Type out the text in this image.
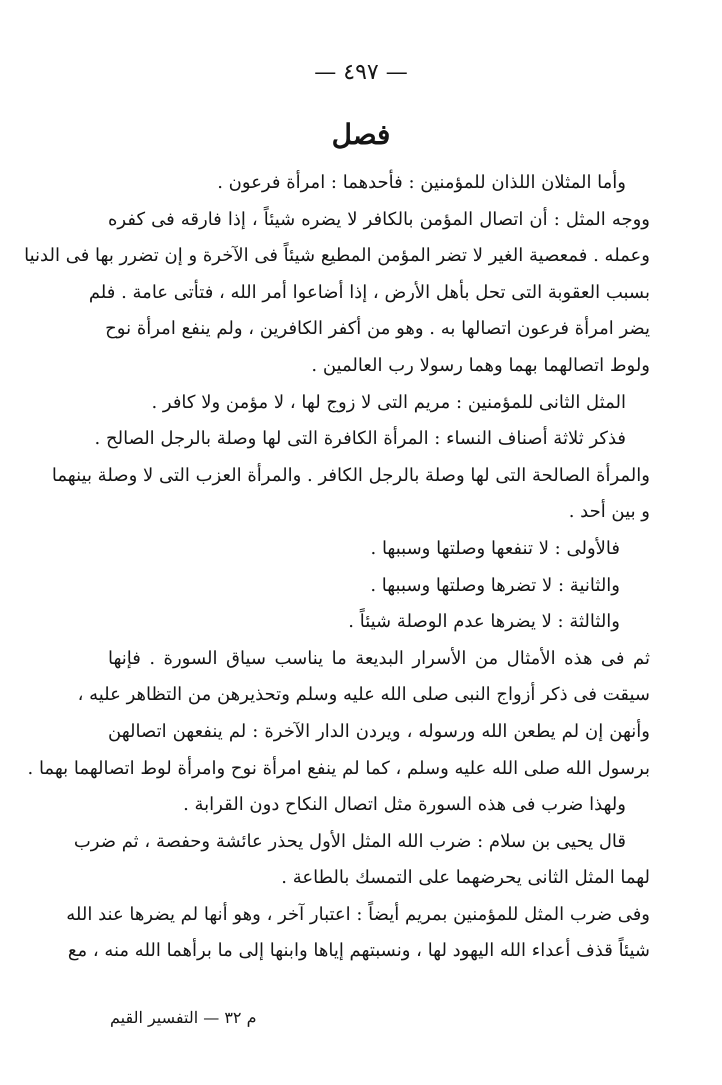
— ٤٩٧ —
فصل
وأما المثلان اللذان للمؤمنين : فأحدهما : امرأة فرعون .
ووجه المثل : أن اتصال المؤمن بالكافر لا يضره شيئاً ، إذا فارقه فى كفره
وعمله . فمعصية الغير لا تضر المؤمن المطيع شيئاً فى الآخرة و إن تضرر بها فى الدنيا
بسبب العقوبة التى تحل بأهل الأرض ، إذا أضاعوا أمر الله ، فتأتى عامة . فلم
يضر امرأة فرعون اتصالها به . وهو من أكفر الكافرين ، ولم ينفع امرأة نوح
ولوط اتصالهما بهما وهما رسولا رب العالمين .
المثل الثانى للمؤمنين : مريم التى لا زوج لها ، لا مؤمن ولا كافر .
فذكر ثلاثة أصناف النساء : المرأة الكافرة التى لها وصلة بالرجل الصالح .
والمرأة الصالحة التى لها وصلة بالرجل الكافر . والمرأة العزب التى لا وصلة بينهما
و بين أحد .
فالأولى : لا تنفعها وصلتها وسببها .
والثانية : لا تضرها وصلتها وسببها .
والثالثة : لا يضرها عدم الوصلة شيئاً .
ثم فى هذه الأمثال من الأسرار البديعة ما يناسب سياق السورة . فإنها
سيقت فى ذكر أزواج النبى صلى الله عليه وسلم وتحذيرهن من التظاهر عليه ،
وأنهن إن لم يطعن الله ورسوله ، ويردن الدار الآخرة : لم ينفعهن اتصالهن
برسول الله صلى الله عليه وسلم ، كما لم ينفع امرأة نوح وامرأة لوط اتصالهما بهما .
ولهذا ضرب فى هذه السورة مثل اتصال النكاح دون القرابة .
قال يحيى بن سلام : ضرب الله المثل الأول يحذر عائشة وحفصة ، ثم ضرب
لهما المثل الثانى يحرضهما على التمسك بالطاعة .
وفى ضرب المثل للمؤمنين بمريم أيضاً : اعتبار آخر ، وهو أنها لم يضرها عند الله
شيئاً قذف أعداء الله اليهود لها ، ونسبتهم إياها وابنها إلى ما برأهما الله منه ، مع
م ٣٢ — التفسير القيم
